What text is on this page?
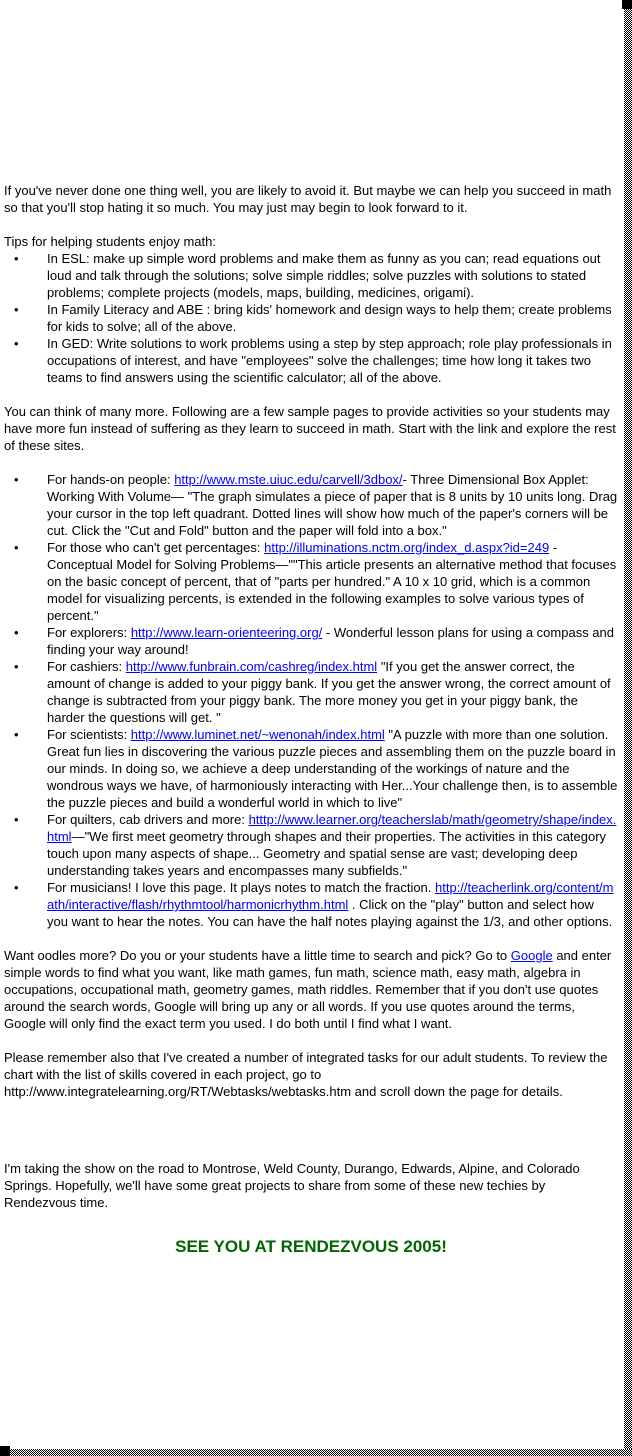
If you've never done one thing well, you are likely to avoid it. But maybe we can help you succeed in math so that you'll stop hating it so much. You may just may begin to look forward to it.

Tips for helping students enjoy math:

•	In ESL: make up simple word problems and make them as funny as you can; read equations out loud and talk through the solutions; solve simple riddles; solve puzzles with solutions to stated problems; complete projects (models, maps, building, medicines, origami).
•	In Family Literacy and ABE : bring kids' homework and design ways to help them; create problems for kids to solve; all of the above.
•	In GED: Write solutions to work problems using a step by step approach; role play professionals in occupations of interest, and have "employees" solve the challenges; time how long it takes two teams to find answers using the scientific calculator; all of the above.

You can think of many more. Following are a few sample pages to provide activities so your students may have more fun instead of suffering as they learn to succeed in math. Start with the link and explore the rest of these sites.

•	For hands-on people: http://www.mste.uiuc.edu/carvell/3dbox/- Three Dimensional Box Applet: Working With Volume— "The graph simulates a piece of paper that is 8 units by 10 units long. Drag your cursor in the top left quadrant. Dotted lines will show how much of the paper's corners will be cut. Click the "Cut and Fold" button and the paper will fold into a box."
•	For those who can't get percentages: http://illuminations.nctm.org/index_d.aspx?id=249 - Conceptual Model for Solving Problems—""This article presents an alternative method that focuses on the basic concept of percent, that of "parts per hundred." A 10 x 10 grid, which is a common model for visualizing percents, is extended in the following examples to solve various types of percent."
•	For explorers: http://www.learn-orienteering.org/ - Wonderful lesson plans for using a compass and finding your way around!
•	For cashiers: http://www.funbrain.com/cashreg/index.html "If you get the answer correct, the amount of change is added to your piggy bank. If you get the answer wrong, the correct amount of change is subtracted from your piggy bank. The more money you get in your piggy bank, the harder the questions will get. "
•	For scientists: http://www.luminet.net/~wenonah/index.html "A puzzle with more than one solution. Great fun lies in discovering the various puzzle pieces and assembling them on the puzzle board in our minds. In doing so, we achieve a deep understanding of the workings of nature and the wondrous ways we have, of harmoniously interacting with Her...Your challenge then, is to assemble the puzzle pieces and build a wonderful world in which to live"
•	For quilters, cab drivers and more: htttp://www.learner.org/teacherslab/math/geometry/shape/index.html—"We first meet geometry through shapes and their properties. The activities in this category touch upon many aspects of shape... Geometry and spatial sense are vast; developing deep understanding takes years and encompasses many subfields."
•	For musicians! I love this page. It plays notes to match the fraction. http://teacherlink.org/content/math/interactive/flash/rhythmtool/harmonicrhythm.html . Click on the "play" button and select how you want to hear the notes. You can have the half notes playing against the 1/3, and other options.

Want oodles more? Do you or your students have a little time to search and pick? Go to Google and enter simple words to find what you want, like math games, fun math, science math, easy math, algebra in occupations, occupational math, geometry games, math riddles. Remember that if you don't use quotes around the search words, Google will bring up any or all words. If you use quotes around the terms, Google will only find the exact term you used. I do both until I find what I want.

Please remember also that I've created a number of integrated tasks for our adult students. To review the chart with the list of skills covered in each project, go to http://www.integratelearning.org/RT/Webtasks/webtasks.htm and scroll down the page for details.

I'm taking the show on the road to Montrose, Weld County, Durango, Edwards, Alpine, and Colorado Springs. Hopefully, we'll have some great projects to share from some of these new techies by Rendezvous time.

SEE YOU AT RENDEZVOUS 2005!
